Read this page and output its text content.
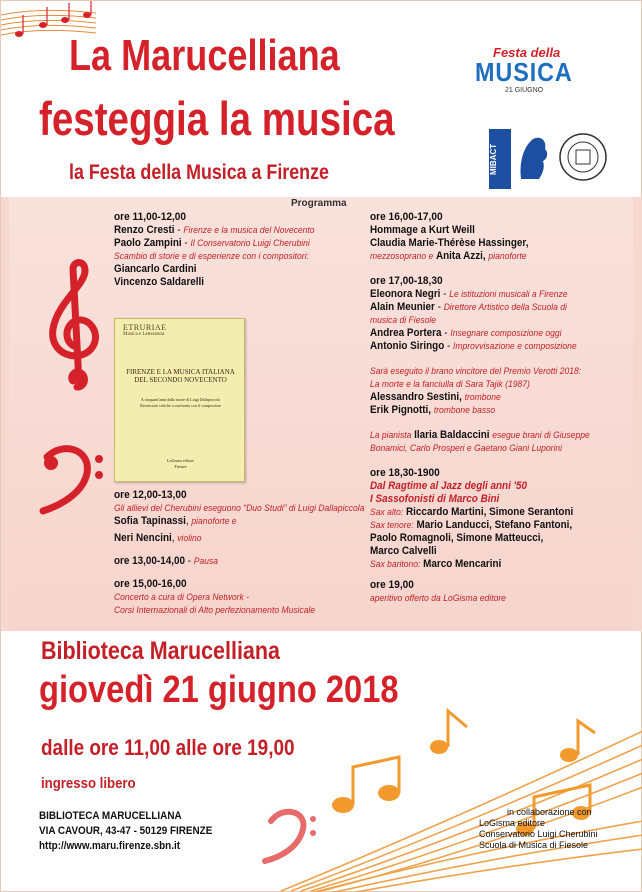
La Marucelliana
festeggia la musica
la Festa della Musica a Firenze
Festa della
MUSICA
21 GIUGNO
MIBACT
Programma
ore 11,00-12,00
Renzo Cresti - Firenze e la musica del Novecento
Paolo Zampini - Il Conservatorio Luigi Cherubini
Scambio di storie e di esperienze con i compositori:
Giancarlo Cardini
Vincenzo Saldarelli
ETRURIAE
Musica e Letteratura
FIRENZE E LA MUSICA ITALIANA DEL SECONDO NOVECENTO
A cinquant'anni dalla morte di Luigi Dallapiccola
Recensioni critiche a confronto con il compositore
LoGisma editore
Firenze
ore 12,00-13,00
Gli allievi del Cherubini eseguono “Duo Studi” di Luigi Dallapiccola
Sofia Tapinassi, pianoforte e
Neri Nencini, violino
ore 13,00-14,00 - Pausa
ore 15,00-16,00
Concerto a cura di Opera Network -
Corsi Internazionali di Alto perfezionamento Musicale
ore 16,00-17,00
Hommage a Kurt Weill
Claudia Marie-Thérèse Hassinger,
mezzosoprano e Anita Azzi, pianoforte
ore 17,00-18,30
Eleonora Negri - Le istituzioni musicali a Firenze
Alain Meunier - Direttore Artistico della Scuola di
musica di Fiesole
Andrea Portera - Insegnare composizione oggi
Antonio Siringo - Improvvisazione e composizione
Sarà eseguito il brano vincitore del Premio Verotti 2018:
La morte e la fanciulla di Sara Tajik (1987)
Alessandro Sestini, trombone
Erik Pignotti, trombone basso
La pianista Ilaria Baldaccini esegue brani di Giuseppe
Bonamici, Carlo Prosperi e Gaetano Giani Luporini
ore 18,30-1900
Dal Ragtime al Jazz degli anni '50
I Sassofonisti di Marco Bini
Sax alto: Riccardo Martini, Simone Serantoni
Sax tenore: Mario Landucci, Stefano Fantoni,
Paolo Romagnoli, Simone Matteucci,
Marco Calvelli
Sax baritono: Marco Mencarini
ore 19,00
aperitivo offerto da LoGisma editore
Biblioteca Marucelliana
giovedì 21 giugno 2018
dalle ore 11,00 alle ore 19,00
ingresso libero
BIBLIOTECA MARUCELLIANA
VIA CAVOUR, 43-47 - 50129 FIRENZE
http://www.maru.firenze.sbn.it
in collaborazione con
LoGisma editore
Conservatorio Luigi Cherubini
Scuola di Musica di Fiesole
